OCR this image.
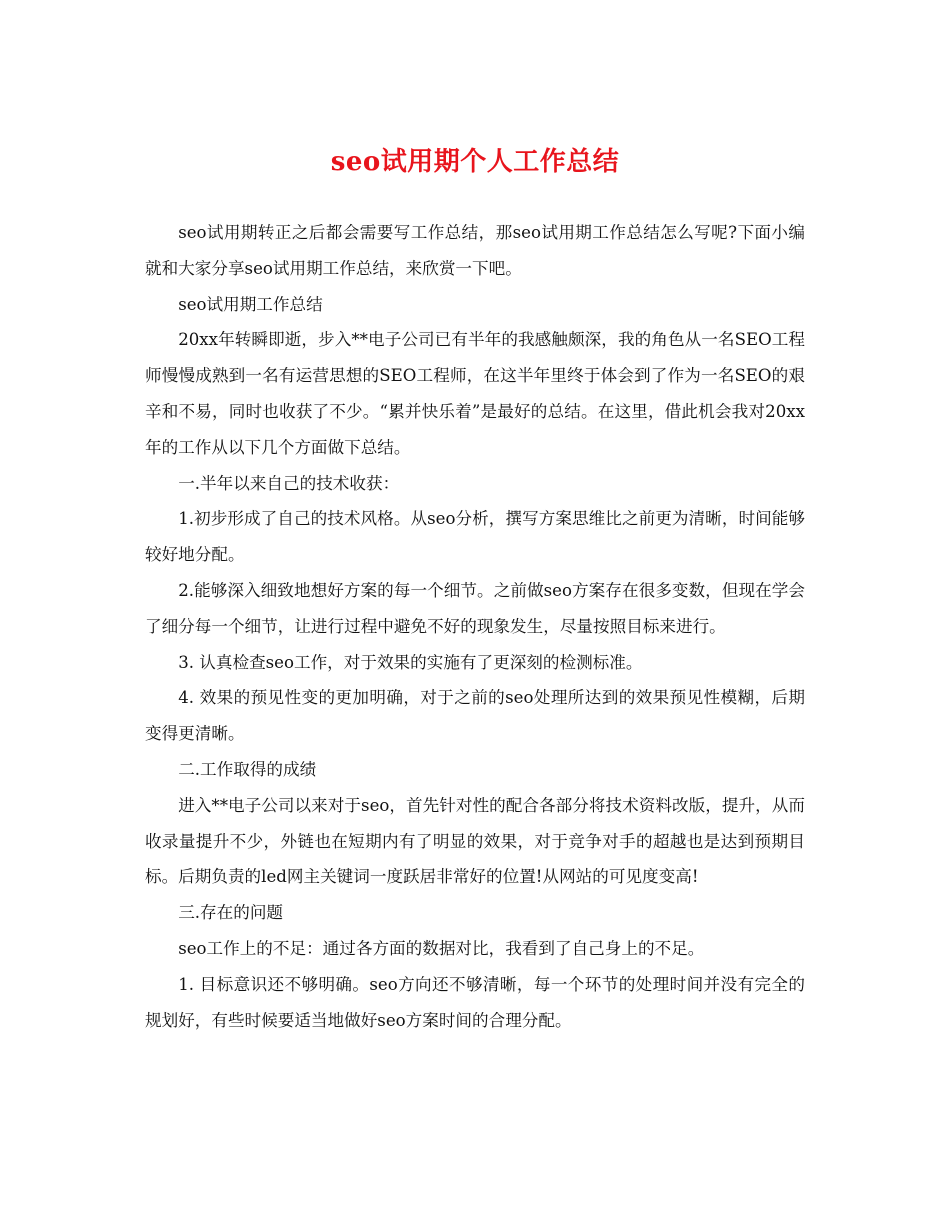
seo试用期个人工作总结

seo试用期转正之后都会需要写工作总结，那seo试用期工作总结怎么写呢?下面小编就和大家分享seo试用期工作总结，来欣赏一下吧。

seo试用期工作总结

20xx年转瞬即逝，步入**电子公司已有半年的我感触颇深，我的角色从一名SEO工程师慢慢成熟到一名有运营思想的SEO工程师，在这半年里终于体会到了作为一名SEO的艰辛和不易，同时也收获了不少。“累并快乐着”是最好的总结。在这里，借此机会我对20xx年的工作从以下几个方面做下总结。

一.半年以来自己的技术收获：

1.初步形成了自己的技术风格。从seo分析，撰写方案思维比之前更为清晰，时间能够较好地分配。

2.能够深入细致地想好方案的每一个细节。之前做seo方案存在很多变数，但现在学会了细分每一个细节，让进行过程中避免不好的现象发生，尽量按照目标来进行。

3. 认真检查seo工作，对于效果的实施有了更深刻的检测标准。

4. 效果的预见性变的更加明确，对于之前的seo处理所达到的效果预见性模糊，后期变得更清晰。

二.工作取得的成绩

进入**电子公司以来对于seo，首先针对性的配合各部分将技术资料改版，提升，从而收录量提升不少，外链也在短期内有了明显的效果，对于竞争对手的超越也是达到预期目标。后期负责的led网主关键词一度跃居非常好的位置!从网站的可见度变高!

三.存在的问题

seo工作上的不足：通过各方面的数据对比，我看到了自己身上的不足。

1. 目标意识还不够明确。seo方向还不够清晰，每一个环节的处理时间并没有完全的规划好，有些时候要适当地做好seo方案时间的合理分配。
